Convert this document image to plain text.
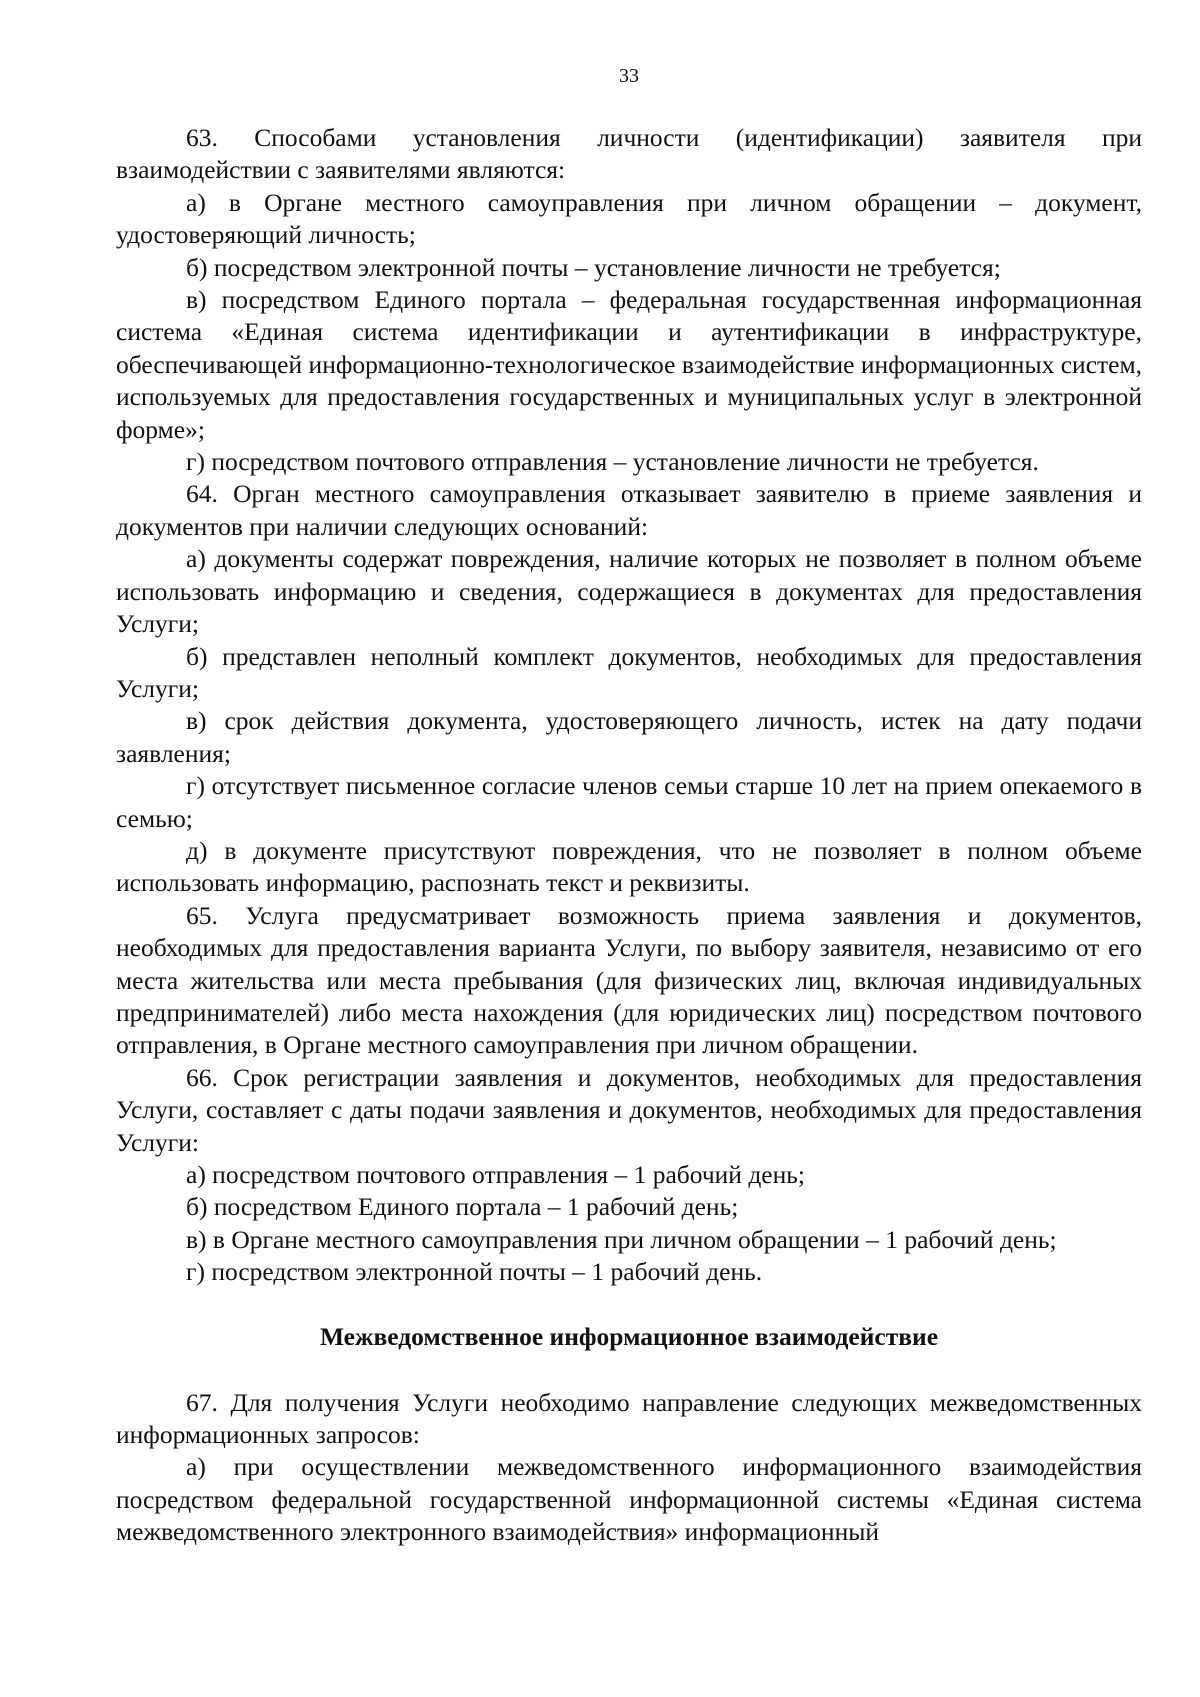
33

63. Способами установления личности (идентификации) заявителя при взаимодействии с заявителями являются:

а) в Органе местного самоуправления при личном обращении – документ, удостоверяющий личность;

б) посредством электронной почты – установление личности не требуется;

в) посредством Единого портала – федеральная государственная информационная система «Единая система идентификации и аутентификации в инфраструктуре, обеспечивающей информационно-технологическое взаимодействие информационных систем, используемых для предоставления государственных и муниципальных услуг в электронной форме»;

г) посредством почтового отправления – установление личности не требуется.

64. Орган местного самоуправления отказывает заявителю в приеме заявления и документов при наличии следующих оснований:

а) документы содержат повреждения, наличие которых не позволяет в полном объеме использовать информацию и сведения, содержащиеся в документах для предоставления Услуги;

б) представлен неполный комплект документов, необходимых для предоставления Услуги;

в) срок действия документа, удостоверяющего личность, истек на дату подачи заявления;

г) отсутствует письменное согласие членов семьи старше 10 лет на прием опекаемого в семью;

д) в документе присутствуют повреждения, что не позволяет в полном объеме использовать информацию, распознать текст и реквизиты.

65. Услуга предусматривает возможность приема заявления и документов, необходимых для предоставления варианта Услуги, по выбору заявителя, независимо от его места жительства или места пребывания (для физических лиц, включая индивидуальных предпринимателей) либо места нахождения (для юридических лиц) посредством почтового отправления, в Органе местного самоуправления при личном обращении.

66. Срок регистрации заявления и документов, необходимых для предоставления Услуги, составляет с даты подачи заявления и документов, необходимых для предоставления Услуги:

а) посредством почтового отправления – 1 рабочий день;

б) посредством Единого портала – 1 рабочий день;

в) в Органе местного самоуправления при личном обращении – 1 рабочий день;

г) посредством электронной почты – 1 рабочий день.

Межведомственное информационное взаимодействие

67. Для получения Услуги необходимо направление следующих межведомственных информационных запросов:

а) при осуществлении межведомственного информационного взаимодействия посредством федеральной государственной информационной системы «Единая система межведомственного электронного взаимодействия» информационный
